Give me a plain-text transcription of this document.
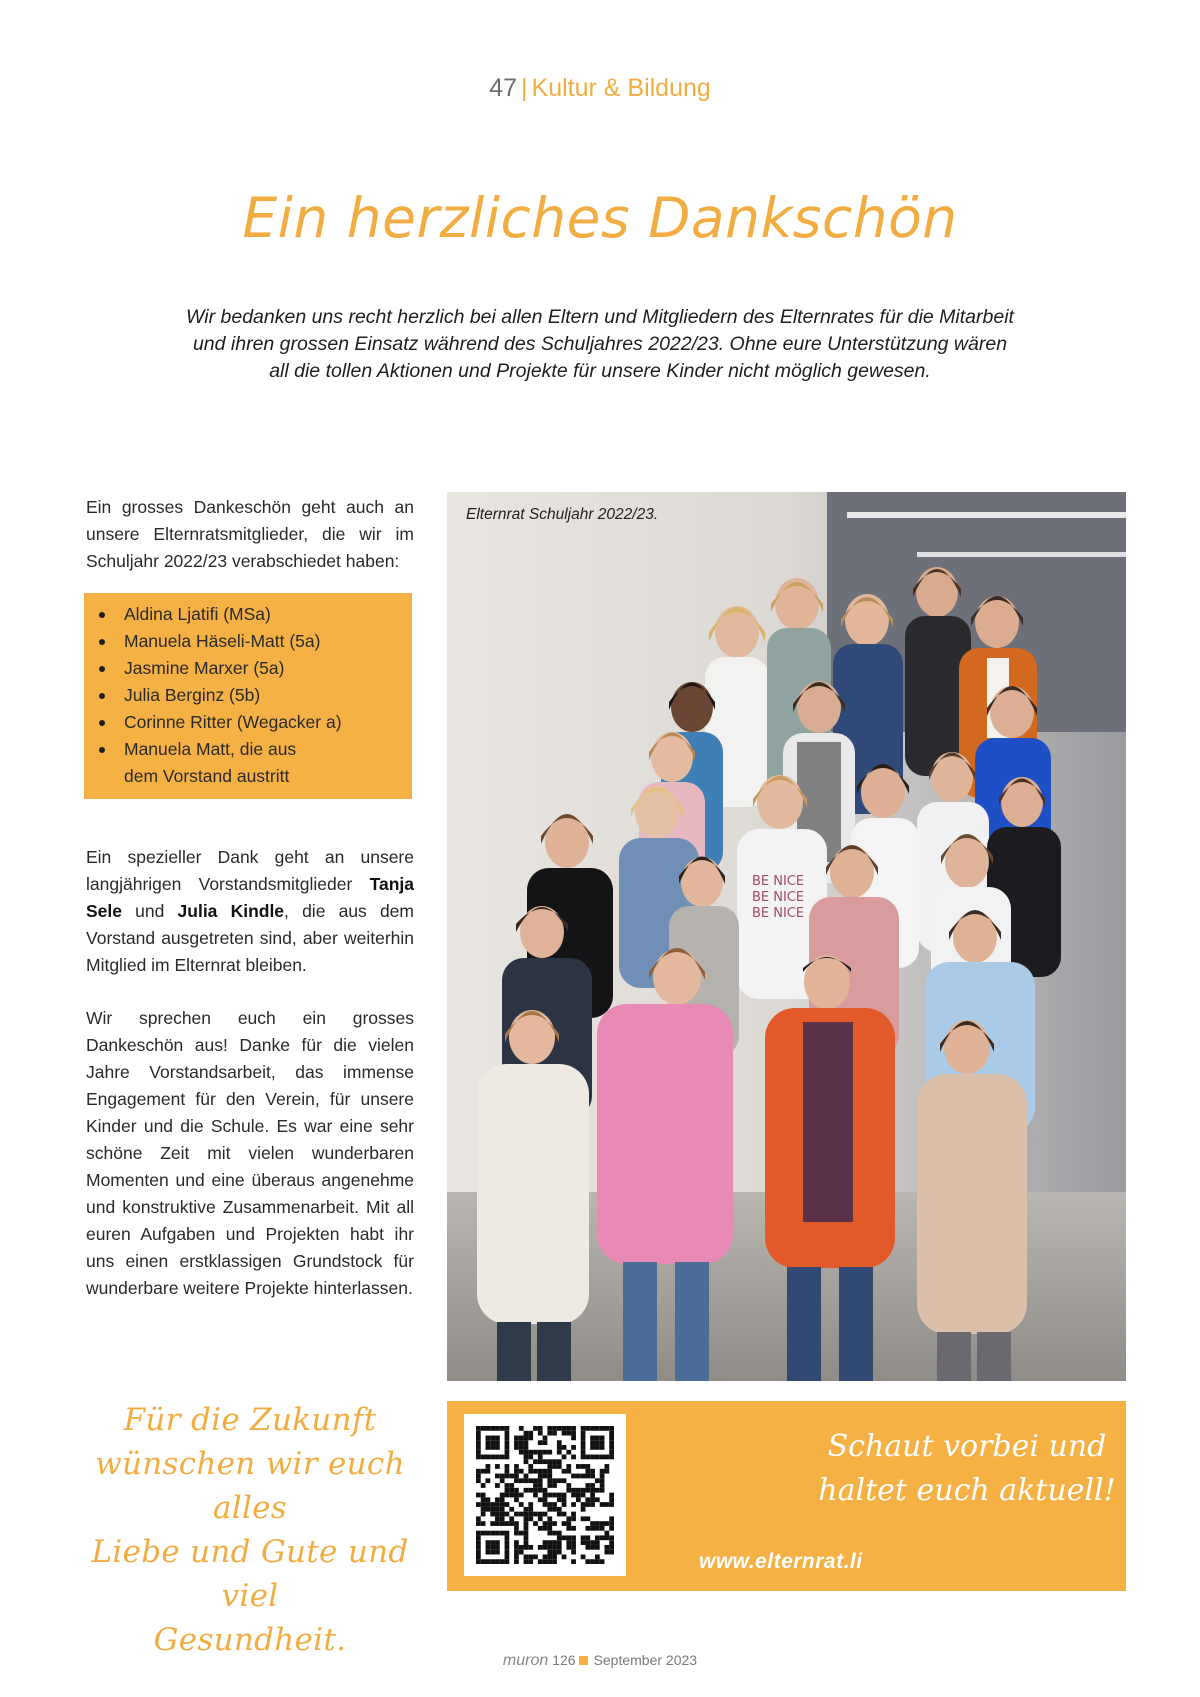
47 | Kultur & Bildung
Ein herzliches Dankschön

Wir bedanken uns recht herzlich bei allen Eltern und Mitgliedern des Elternrates für die Mitarbeit

und ihren grossen Einsatz während des Schuljahres 2022/23. Ohne eure Unterstützung wären

all die tollen Aktionen und Projekte für unsere Kinder nicht möglich gewesen.

Ein grosses Dankeschön geht auch an unsere Elternratsmitglieder, die wir im Schuljahr 2022/23 verabschiedet haben:

Aldina Ljatifi (MSa)
Manuela Häseli-Matt (5a)
Jasmine Marxer (5a)
Julia Berginz (5b)
Corinne Ritter (Wegacker a)
Manuela Matt, die aus dem Vorstand austritt

Ein spezieller Dank geht an unsere langjährigen Vorstandsmitglieder Tanja Sele und Julia Kindle, die aus dem Vorstand ausgetreten sind, aber weiterhin Mitglied im Elternrat bleiben.

Wir sprechen euch ein grosses Dankeschön aus! Danke für die vielen Jahre Vorstandsarbeit, das immense Engagement für den Verein, für unsere Kinder und die Schule. Es war eine sehr schöne Zeit mit vielen wunderbaren Momenten und eine überaus angenehme und konstruktive Zusammenarbeit. Mit all euren Aufgaben und Projekten habt ihr uns einen erstklassigen Grundstock für wunderbare weitere Projekte hinterlassen.

Für die Zukunft
wünschen wir euch alles
Liebe und Gute und viel
Gesundheit.
BE NICE
BE NICE
BE NICE
Elternrat Schuljahr 2022/23.
Schaut vorbei und
haltet euch aktuell!
www.elternrat.li
muron 126 September 2023
